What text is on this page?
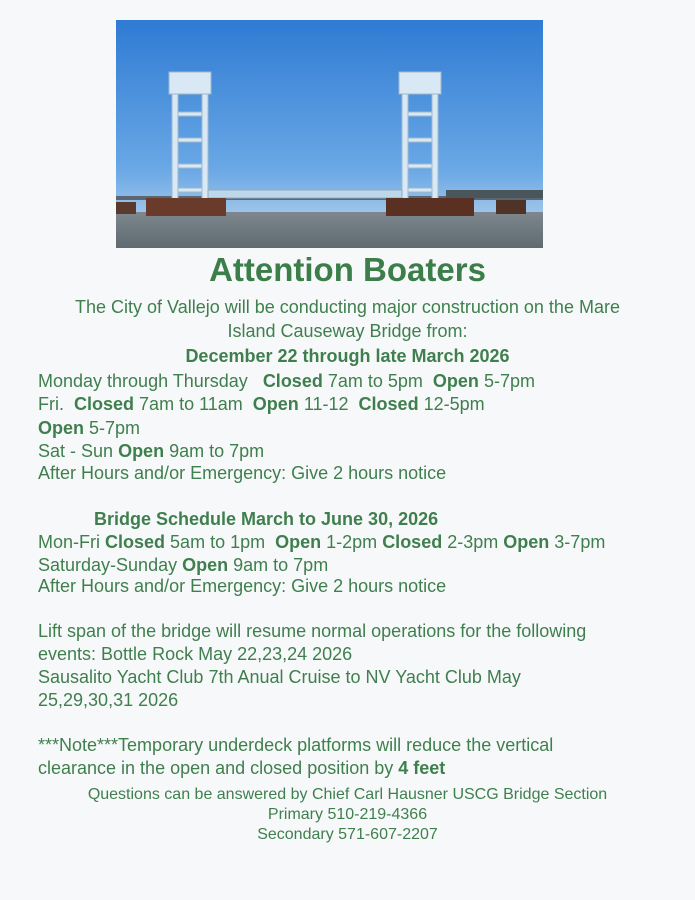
Attention Boaters
The City of Vallejo will be conducting major construction on the Mare
Island Causeway Bridge from:
December 22 through late March 2026
Monday through Thursday Closed 7am to 5pm Open 5-7pm
Fri. Closed 7am to 11am Open 11-12 Closed 12-5pm
Open 5-7pm
Sat - Sun Open 9am to 7pm
After Hours and/or Emergency: Give 2 hours notice
Bridge Schedule March to June 30, 2026
Mon-Fri Closed 5am to 1pm Open 1-2pm Closed 2-3pm Open 3-7pm
Saturday-Sunday Open 9am to 7pm
After Hours and/or Emergency: Give 2 hours notice
Lift span of the bridge will resume normal operations for the following
events: Bottle Rock May 22,23,24 2026
Sausalito Yacht Club 7th Anual Cruise to NV Yacht Club May
25,29,30,31 2026
***Note***Temporary underdeck platforms will reduce the vertical
clearance in the open and closed position by 4 feet
Questions can be answered by Chief Carl Hausner USCG Bridge Section
Primary 510-219-4366
Secondary 571-607-2207
